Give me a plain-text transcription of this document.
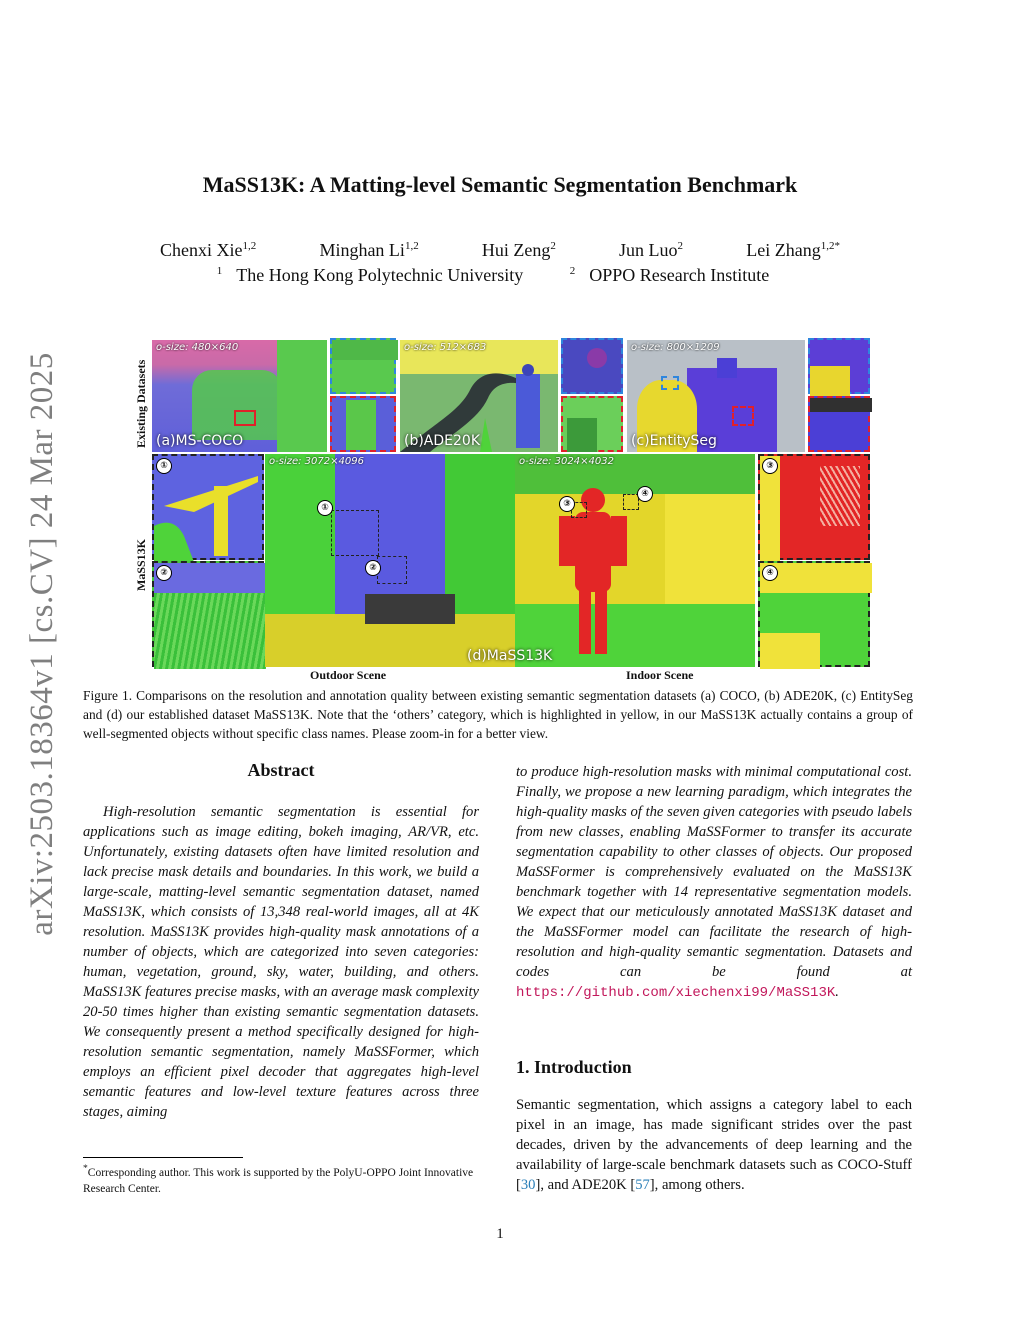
arXiv:2503.18364v1 [cs.CV] 24 Mar 2025
MaSS13K: A Matting-level Semantic Segmentation Benchmark
Chenxi Xie$^{1,2}$	Minghan Li$^{1,2}$	Hui Zeng$^2$	Jun Luo$^2$	Lei Zhang$^{1,2*}$
$^1$ The Hong Kong Polytechnic University	$^2$ OPPO Research Institute
Existing Datasets
MaSS13K
o-size: 480×640
(a)MS-COCO
o-size: 512×683
(b)ADE20K
o-size: 800×1209
(c)EntitySeg
①
②
①
②
o-size: 3072×4096
③
④
o-size: 3024×4032
(d)MaSS13K
③
④
Outdoor Scene	Indoor Scene
Figure 1. Comparisons on the resolution and annotation quality between existing semantic segmentation datasets (a) COCO, (b) ADE20K, (c) EntitySeg and (d) our established dataset MaSS13K. Note that the ‘others’ category, which is highlighted in yellow, in our MaSS13K actually contains a group of well-segmented objects without specific class names. Please zoom-in for a better view.
Abstract
High-resolution semantic segmentation is essential for applications such as image editing, bokeh imaging, AR/VR, etc. Unfortunately, existing datasets often have limited resolution and lack precise mask details and boundaries. In this work, we build a large-scale, matting-level semantic segmentation dataset, named MaSS13K, which consists of 13,348 real-world images, all at 4K resolution. MaSS13K provides high-quality mask annotations of a number of objects, which are categorized into seven categories: human, vegetation, ground, sky, water, building, and others. MaSS13K features precise masks, with an average mask complexity 20-50 times higher than existing semantic segmentation datasets. We consequently present a method specifically designed for high-resolution semantic segmentation, namely MaSSFormer, which employs an efficient pixel decoder that aggregates high-level semantic features and low-level texture features across three stages, aiming
to produce high-resolution masks with minimal computational cost. Finally, we propose a new learning paradigm, which integrates the high-quality masks of the seven given categories with pseudo labels from new classes, enabling MaSSFormer to transfer its accurate segmentation capability to other classes of objects. Our proposed MaSSFormer is comprehensively evaluated on the MaSS13K benchmark together with 14 representative segmentation models. We expect that our meticulously annotated MaSS13K dataset and the MaSSFormer model can facilitate the research of high-resolution and high-quality semantic segmentation. Datasets and codes can be found at https://github.com/xiechenxi99/MaSS13K.
*Corresponding author. This work is supported by the PolyU-OPPO Joint Innovative Research Center.
1. Introduction
Semantic segmentation, which assigns a category label to each pixel in an image, has made significant strides over the past decades, driven by the advancements of deep learning and the availability of large-scale benchmark datasets such as COCO-Stuff [30], and ADE20K [57], among others.
1
